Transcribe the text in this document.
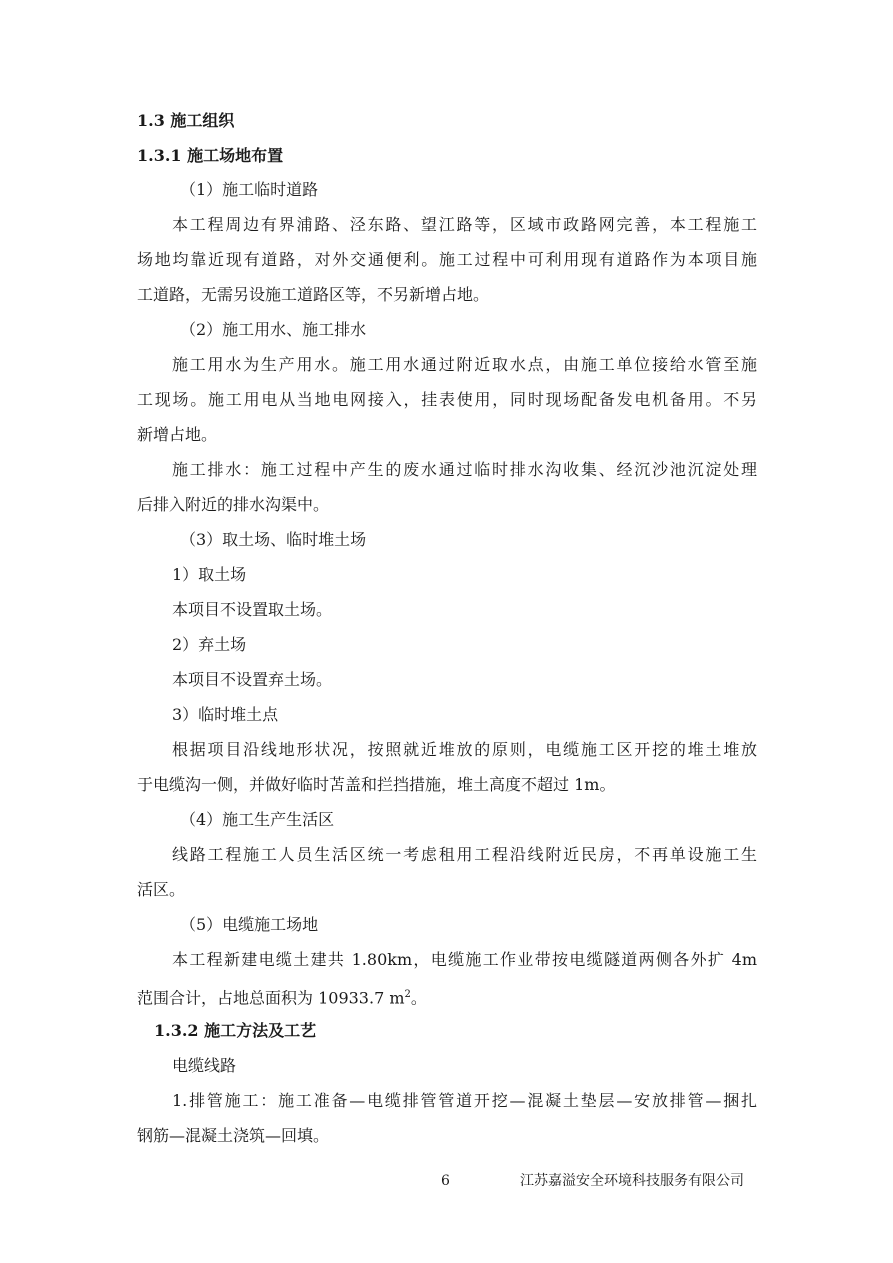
1.3 施工组织
1.3.1 施工场地布置
（1）施工临时道路
本工程周边有界浦路、泾东路、望江路等，区域市政路网完善，本工程施工
场地均靠近现有道路，对外交通便利。施工过程中可利用现有道路作为本项目施
工道路，无需另设施工道路区等，不另新增占地。
（2）施工用水、施工排水
施工用水为生产用水。施工用水通过附近取水点，由施工单位接给水管至施
工现场。施工用电从当地电网接入，挂表使用，同时现场配备发电机备用。不另
新增占地。
施工排水：施工过程中产生的废水通过临时排水沟收集、经沉沙池沉淀处理
后排入附近的排水沟渠中。
（3）取土场、临时堆土场
1）取土场
本项目不设置取土场。
2）弃土场
本项目不设置弃土场。
3）临时堆土点
根据项目沿线地形状况，按照就近堆放的原则，电缆施工区开挖的堆土堆放
于电缆沟一侧，并做好临时苫盖和拦挡措施，堆土高度不超过 1m。
（4）施工生产生活区
线路工程施工人员生活区统一考虑租用工程沿线附近民房，不再单设施工生
活区。
（5）电缆施工场地
本工程新建电缆土建共 1.80km，电缆施工作业带按电缆隧道两侧各外扩 4m
范围合计，占地总面积为 10933.7 $m^2$。
1.3.2 施工方法及工艺
电缆线路
1.排管施工：施工准备—电缆排管管道开挖—混凝土垫层—安放排管—捆扎
钢筋—混凝土浇筑—回填。
6	江苏嘉溢安全环境科技服务有限公司
